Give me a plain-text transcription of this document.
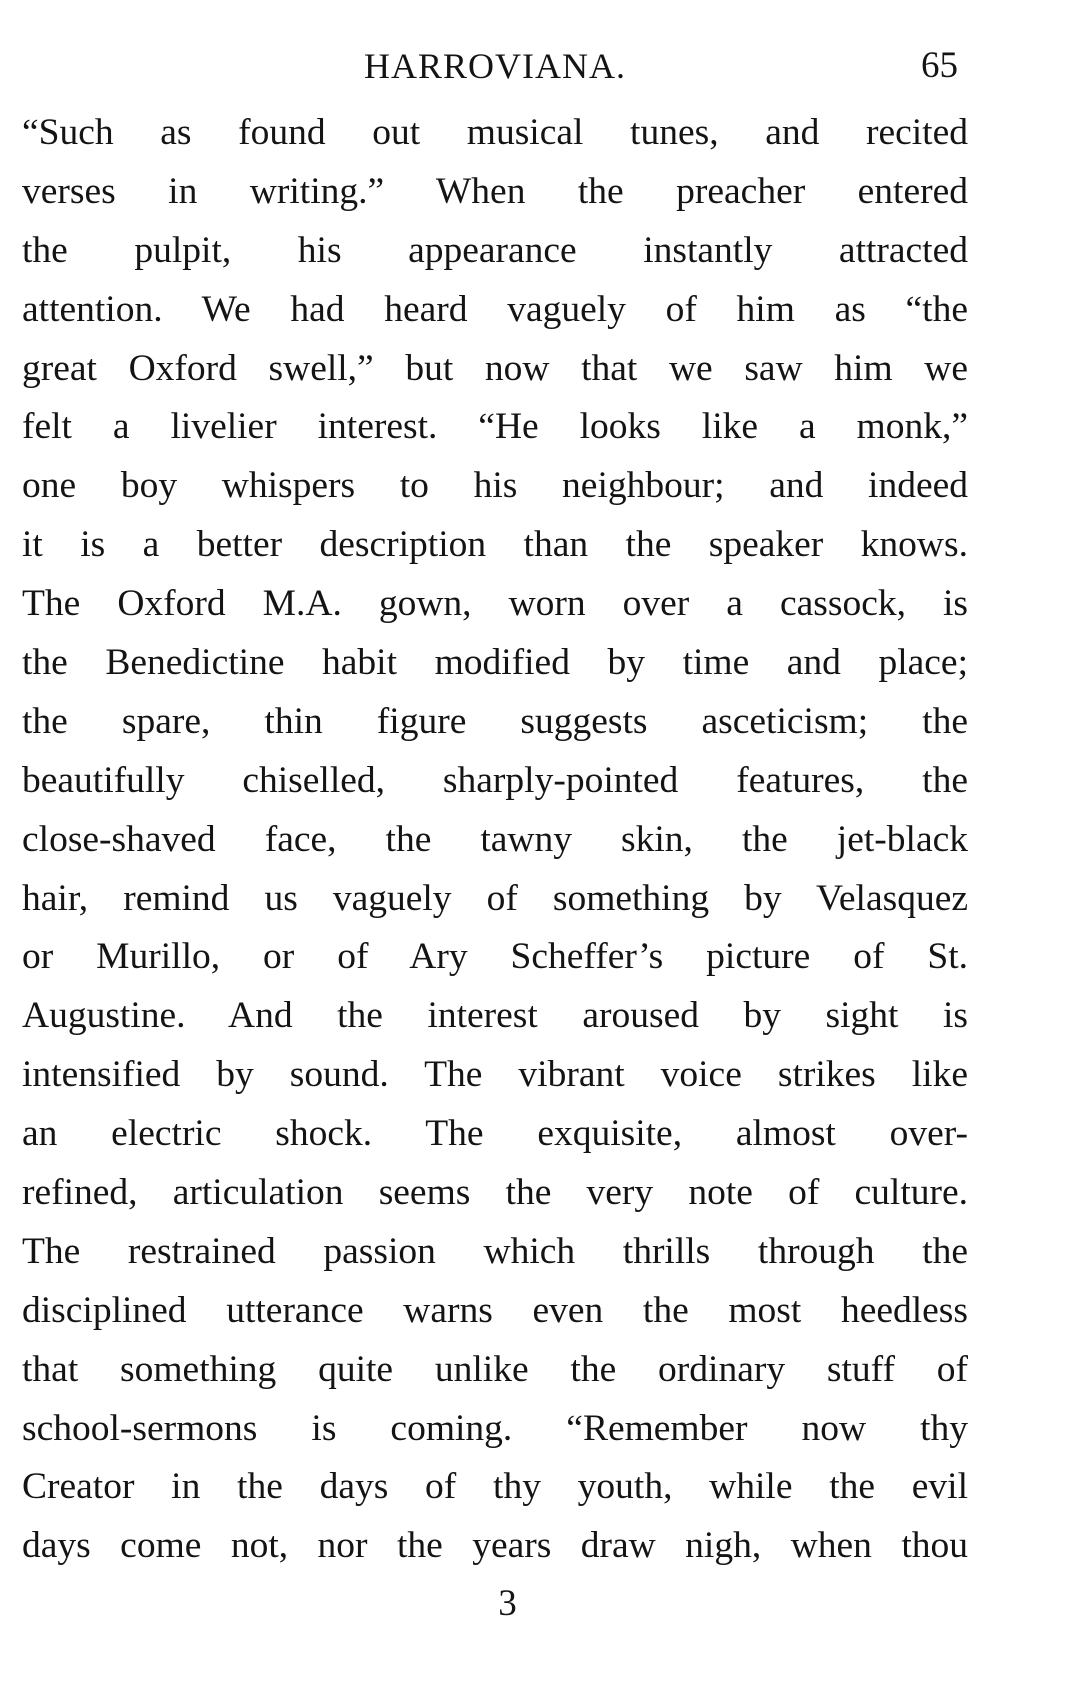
HARROVIANA.	65
“Such as found out musical tunes, and recited
verses in writing.” When the preacher entered
the pulpit, his appearance instantly attracted
attention. We had heard vaguely of him as “the
great Oxford swell,” but now that we saw him we
felt a livelier interest. “He looks like a monk,”
one boy whispers to his neighbour; and indeed
it is a better description than the speaker knows.
The Oxford M.A. gown, worn over a cassock, is
the Benedictine habit modified by time and place;
the spare, thin figure suggests asceticism; the
beautifully chiselled, sharply-pointed features, the
close-shaved face, the tawny skin, the jet-black
hair, remind us vaguely of something by Velasquez
or Murillo, or of Ary Scheffer’s picture of St.
Augustine. And the interest aroused by sight is
intensified by sound. The vibrant voice strikes like
an electric shock. The exquisite, almost over-
refined, articulation seems the very note of culture.
The restrained passion which thrills through the
disciplined utterance warns even the most heedless
that something quite unlike the ordinary stuff of
school-sermons is coming. “Remember now thy
Creator in the days of thy youth, while the evil
days come not, nor the years draw nigh, when thou
3
